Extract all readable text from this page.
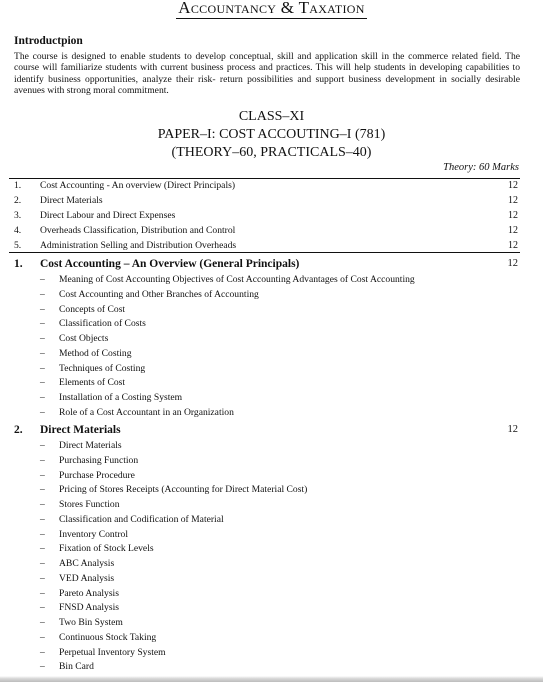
Accountancy & Taxation
Introductpion
The course is designed to enable students to develop conceptual, skill and application skill in the commerce related field. The course will familiarize students with current business process and practices. This will help students in developing capabilities to identify business opportunities, analyze their risk- return possibilities and support business development in socially desirable avenues with strong moral commitment.
CLASS–XI
PAPER–I: COST ACCOUTING–I (781)
(THEORY–60, PRACTICALS–40)
Theory: 60 Marks
1. Cost Accounting - An overview (Direct Principals)	12
2. Direct Materials	12
3. Direct Labour and Direct Expenses	12
4. Overheads Classification, Distribution and Control	12
5. Administration Selling and Distribution Overheads	12
1. Cost Accounting – An Overview (General Principals)	12
– Meaning of Cost Accounting Objectives of Cost Accounting Advantages of Cost Accounting
– Cost Accounting and Other Branches of Accounting
– Concepts of Cost
– Classification of Costs
– Cost Objects
– Method of Costing
– Techniques of Costing
– Elements of Cost
– Installation of a Costing System
– Role of a Cost Accountant in an Organization
2. Direct Materials	12
– Direct Materials
– Purchasing Function
– Purchase Procedure
– Pricing of Stores Receipts (Accounting for Direct Material Cost)
– Stores Function
– Classification and Codification of Material
– Inventory Control
– Fixation of Stock Levels
– ABC Analysis
– VED Analysis
– Pareto Analysis
– FNSD Analysis
– Two Bin System
– Continuous Stock Taking
– Perpetual Inventory System
– Bin Card
